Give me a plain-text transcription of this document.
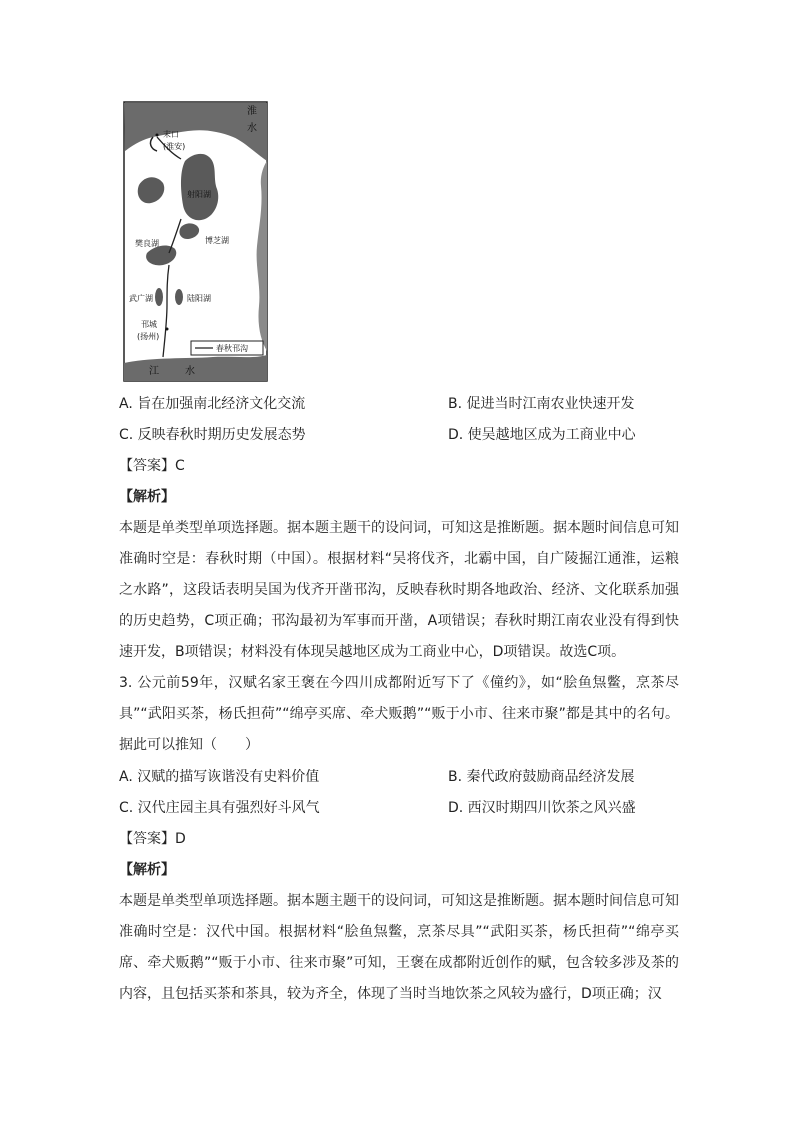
春秋邗沟
淮
水
末口
(淮安)
射阳湖
博芝湖
樊良湖
武广湖	陆阳湖
邗城
(扬州)
江	水
A. 旨在加强南北经济文化交流	B. 促进当时江南农业快速开发
C. 反映春秋时期历史发展态势	D. 使吴越地区成为工商业中心
【答案】C
【解析】
本题是单类型单项选择题。据本题主题干的设问词，可知这是推断题。据本题时间信息可知准确时空是：春秋时期（中国）。根据材料“吴将伐齐，北霸中国，自广陵掘江通淮，运粮之水路”，这段话表明吴国为伐齐开凿邗沟，反映春秋时期各地政治、经济、文化联系加强的历史趋势，C项正确；邗沟最初为军事而开凿，A项错误；春秋时期江南农业没有得到快速开发，B项错误；材料没有体现吴越地区成为工商业中心，D项错误。故选C项。
3. 公元前59年，汉赋名家王褒在今四川成都附近写下了《僮约》，如“脍鱼炰鳖，烹茶尽具”“武阳买茶，杨氏担荷”“绵亭买席、牵犬贩鹅”“贩于小市、往来市聚”都是其中的名句。据此可以推知（　　）
A. 汉赋的描写诙谐没有史料价值	B. 秦代政府鼓励商品经济发展
C. 汉代庄园主具有强烈好斗风气	D. 西汉时期四川饮茶之风兴盛
【答案】D
【解析】
本题是单类型单项选择题。据本题主题干的设问词，可知这是推断题。据本题时间信息可知准确时空是：汉代中国。根据材料“脍鱼炰鳖，烹茶尽具”“武阳买茶，杨氏担荷”“绵亭买席、牵犬贩鹅”“贩于小市、往来市聚”可知，王褒在成都附近创作的赋，包含较多涉及茶的内容，且包括买茶和茶具，较为齐全，体现了当时当地饮茶之风较为盛行，D项正确；汉
